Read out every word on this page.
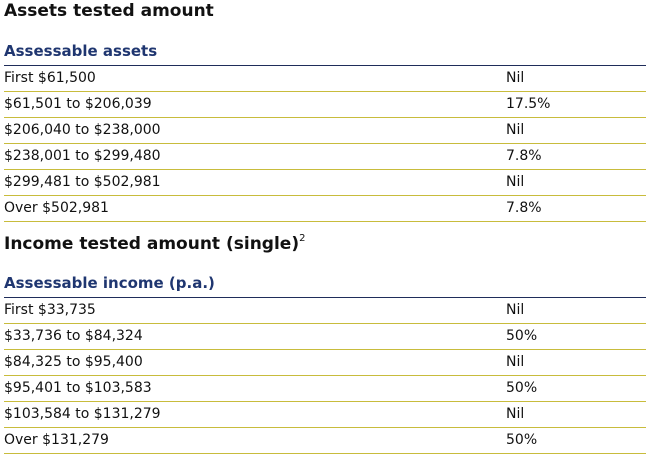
Assets tested amount
Assessable assets
First $61,500	Nil
$61,501 to $206,039	17.5%
$206,040 to $238,000	Nil
$238,001 to $299,480	7.8%
$299,481 to $502,981	Nil
Over $502,981	7.8%
Income tested amount (single)$^2$
Assessable income (p.a.)
First $33,735	Nil
$33,736 to $84,324	50%
$84,325 to $95,400	Nil
$95,401 to $103,583	50%
$103,584 to $131,279	Nil
Over $131,279	50%
